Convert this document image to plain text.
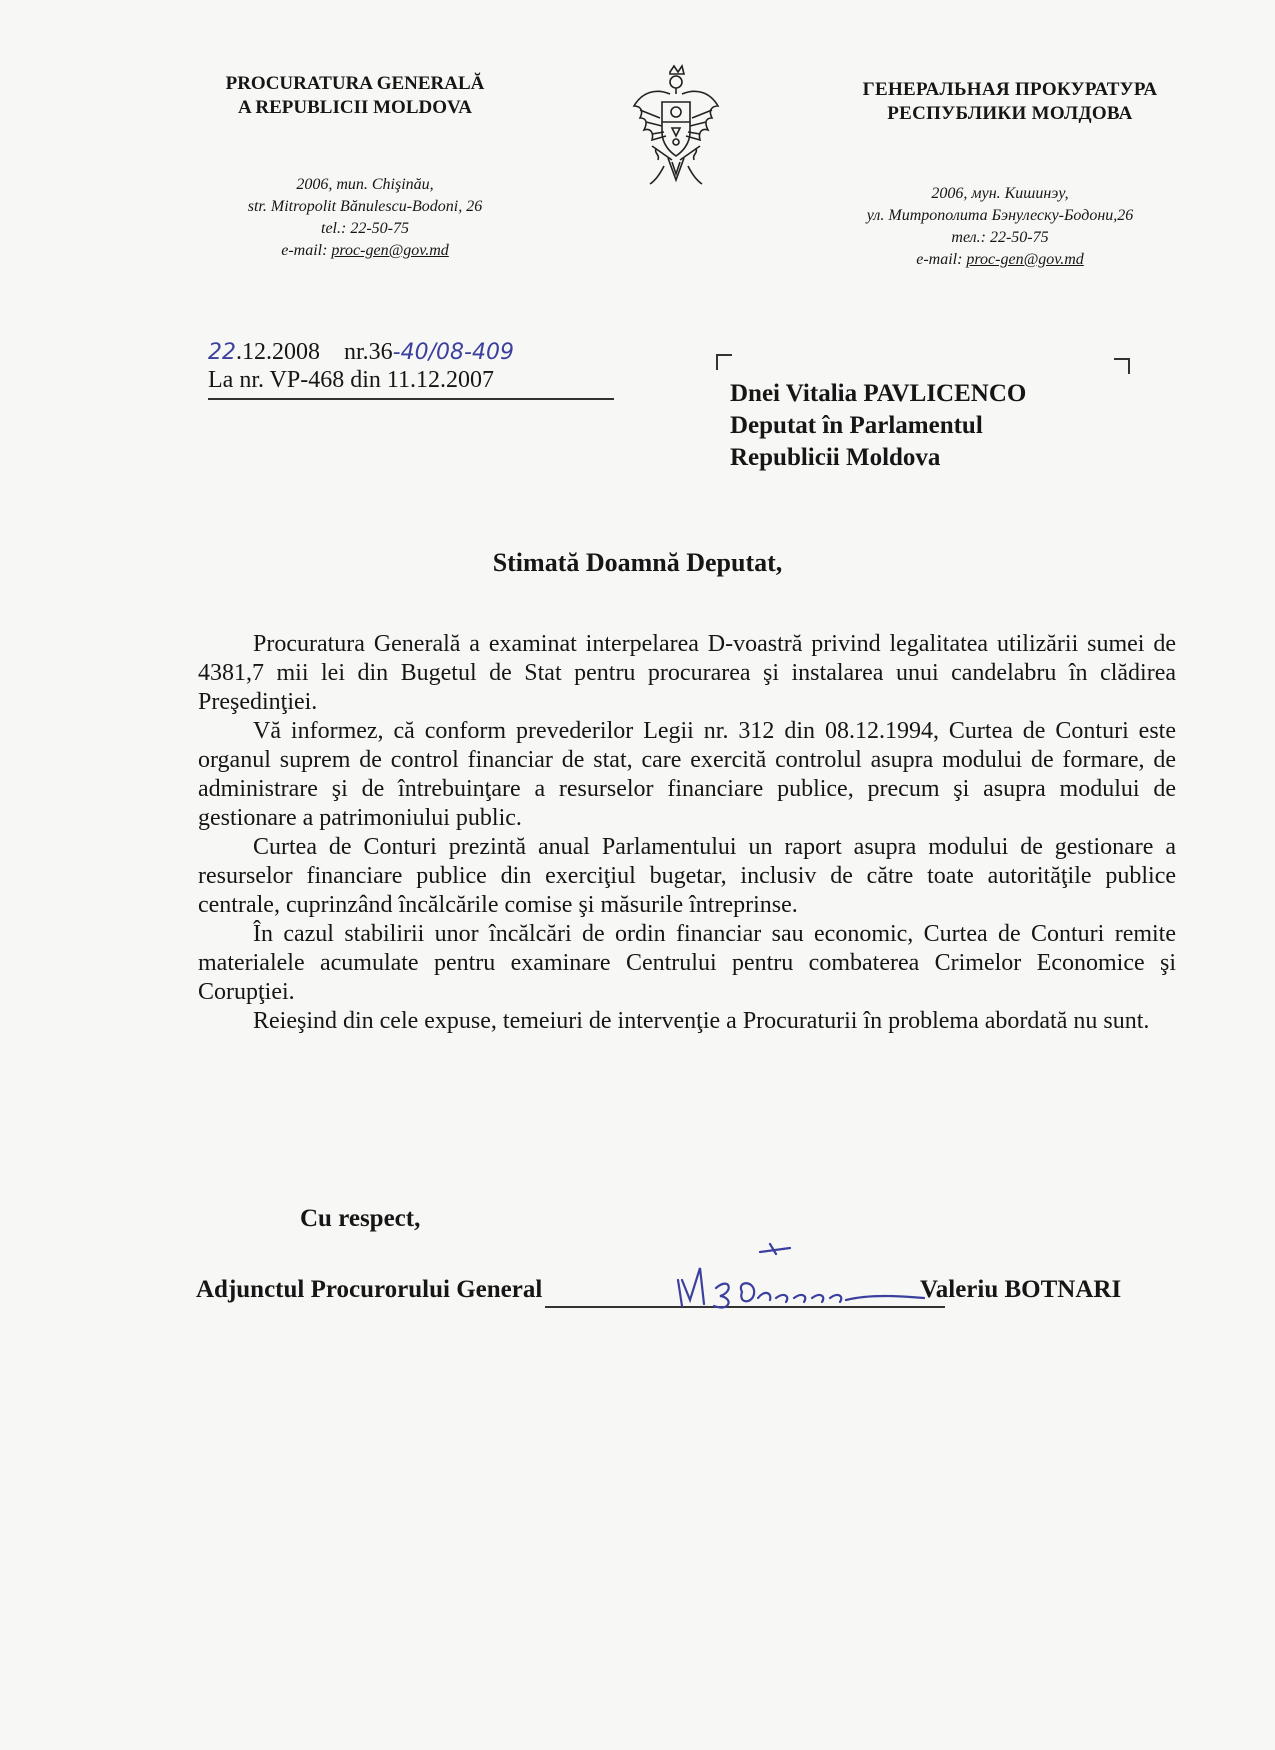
PROCURATURA GENERALĂ
A REPUBLICII MOLDOVA
ГЕНЕРАЛЬНАЯ ПРОКУРАТУРА
РЕСПУБЛИКИ МОЛДОВА
2006, mun. Chişinău,
str. Mitropolit Bănulescu-Bodoni, 26
tel.: 22-50-75
e-mail: proc-gen@gov.md
2006, мун. Кишинэу,
ул. Митрополита Бэнулеску-Бодони,26
тел.: 22-50-75
e-mail: proc-gen@gov.md
22.12.2008 nr.36-40/08-409
La nr. VP-468 din 11.12.2007	Dnei Vitalia PAVLICENCO
Deputat în Parlamentul
Republicii Moldova
Stimată Doamnă Deputat,

Procuratura Generală a examinat interpelarea D-voastră privind legalitatea utilizării sumei de 4381,7 mii lei din Bugetul de Stat pentru procurarea şi instalarea unui candelabru în clădirea Preşedinţiei.

Vă informez, că conform prevederilor Legii nr. 312 din 08.12.1994, Curtea de Conturi este organul suprem de control financiar de stat, care exercită controlul asupra modului de formare, de administrare şi de întrebuinţare a resurselor financiare publice, precum şi asupra modului de gestionare a patrimoniului public.

Curtea de Conturi prezintă anual Parlamentului un raport asupra modului de gestionare a resurselor financiare publice din exerciţiul bugetar, inclusiv de către toate autorităţile publice centrale, cuprinzând încălcările comise şi măsurile întreprinse.

În cazul stabilirii unor încălcări de ordin financiar sau economic, Curtea de Conturi remite materialele acumulate pentru examinare Centrului pentru combaterea Crimelor Economice şi Corupţiei.

Reieşind din cele expuse, temeiuri de intervenţie a Procuraturii în problema abordată nu sunt.

Cu respect,
Adjunctul Procurorului General	Valeriu BOTNARI
